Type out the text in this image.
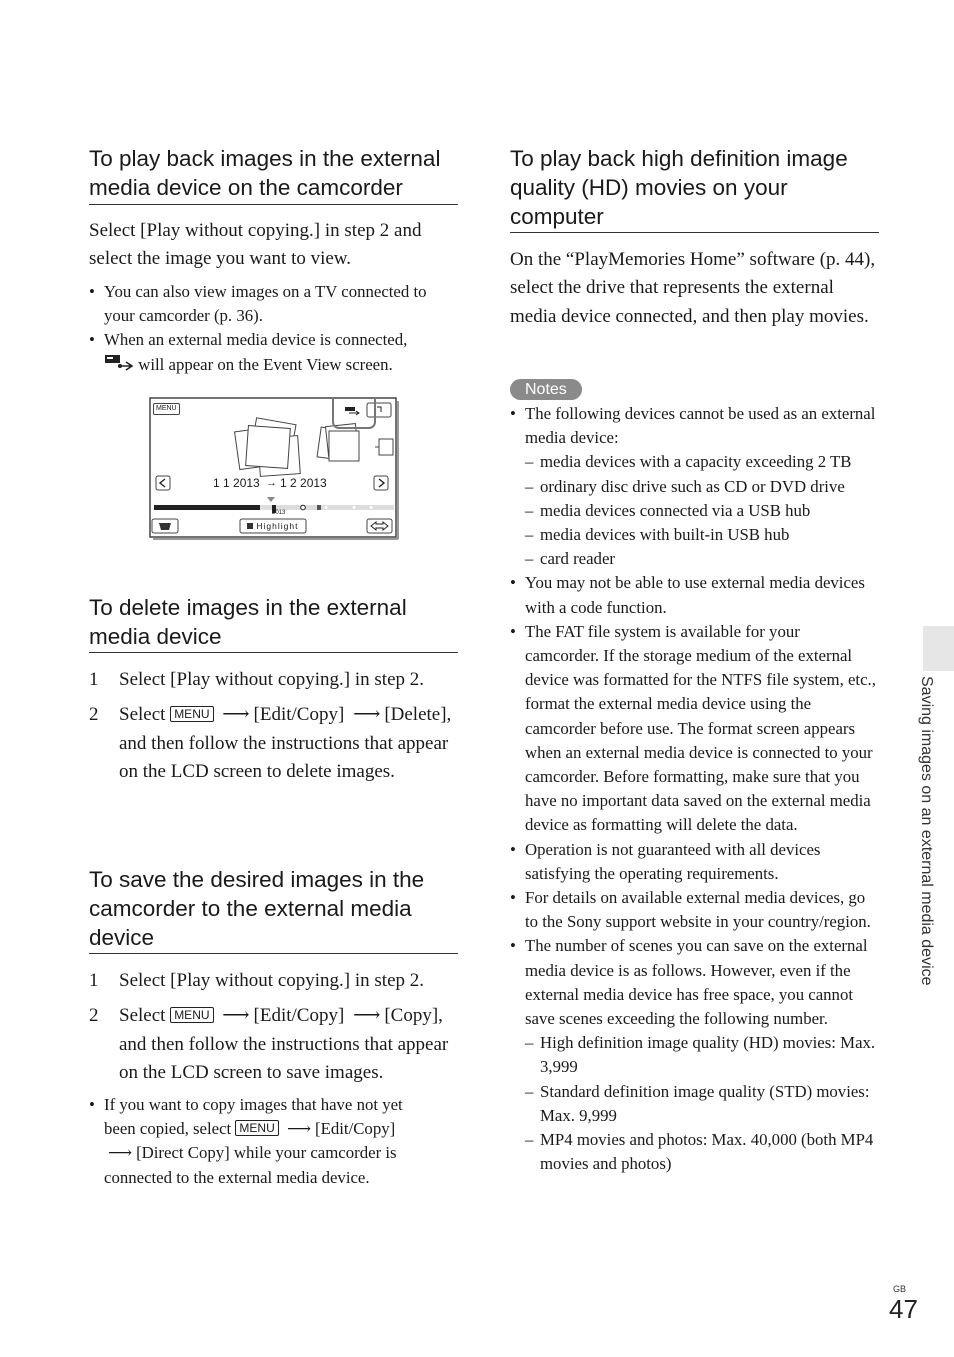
To play back images in the external media device on the camcorder
Select [Play without copying.] in step 2 and select the image you want to view.
• You can also view images on a TV connected to your camcorder (p. 36).
• When an external media device is connected,
will appear on the Event View screen.
MENU
1 1 2013 → 1 2 2013
2013
Highlight
To delete images in the external media device
1 Select [Play without copying.] in step 2.
2 Select MENU ⟶ [Edit/Copy] ⟶ [Delete], and then follow the instructions that appear on the LCD screen to delete images.
To save the desired images in the camcorder to the external media device
1 Select [Play without copying.] in step 2.
2 Select MENU ⟶ [Edit/Copy] ⟶ [Copy], and then follow the instructions that appear on the LCD screen to save images.
• If you want to copy images that have not yet been copied, select MENU ⟶ [Edit/Copy] ⟶ [Direct Copy] while your camcorder is connected to the external media device.
To play back high definition image quality (HD) movies on your computer
On the “PlayMemories Home” software (p. 44), select the drive that represents the external media device connected, and then play movies.
Notes
• The following devices cannot be used as an external media device:
– media devices with a capacity exceeding 2 TB
– ordinary disc drive such as CD or DVD drive
– media devices connected via a USB hub
– media devices with built-in USB hub
– card reader
• You may not be able to use external media devices with a code function.
• The FAT file system is available for your camcorder. If the storage medium of the external device was formatted for the NTFS file system, etc., format the external media device using the camcorder before use. The format screen appears when an external media device is connected to your camcorder. Before formatting, make sure that you have no important data saved on the external media device as formatting will delete the data.
• Operation is not guaranteed with all devices satisfying the operating requirements.
• For details on available external media devices, go to the Sony support website in your country/region.
• The number of scenes you can save on the external media device is as follows. However, even if the external media device has free space, you cannot save scenes exceeding the following number.
– High definition image quality (HD) movies: Max. 3,999
– Standard definition image quality (STD) movies: Max. 9,999
– MP4 movies and photos: Max. 40,000 (both MP4 movies and photos)
Saving images on an external media device
GB
47
